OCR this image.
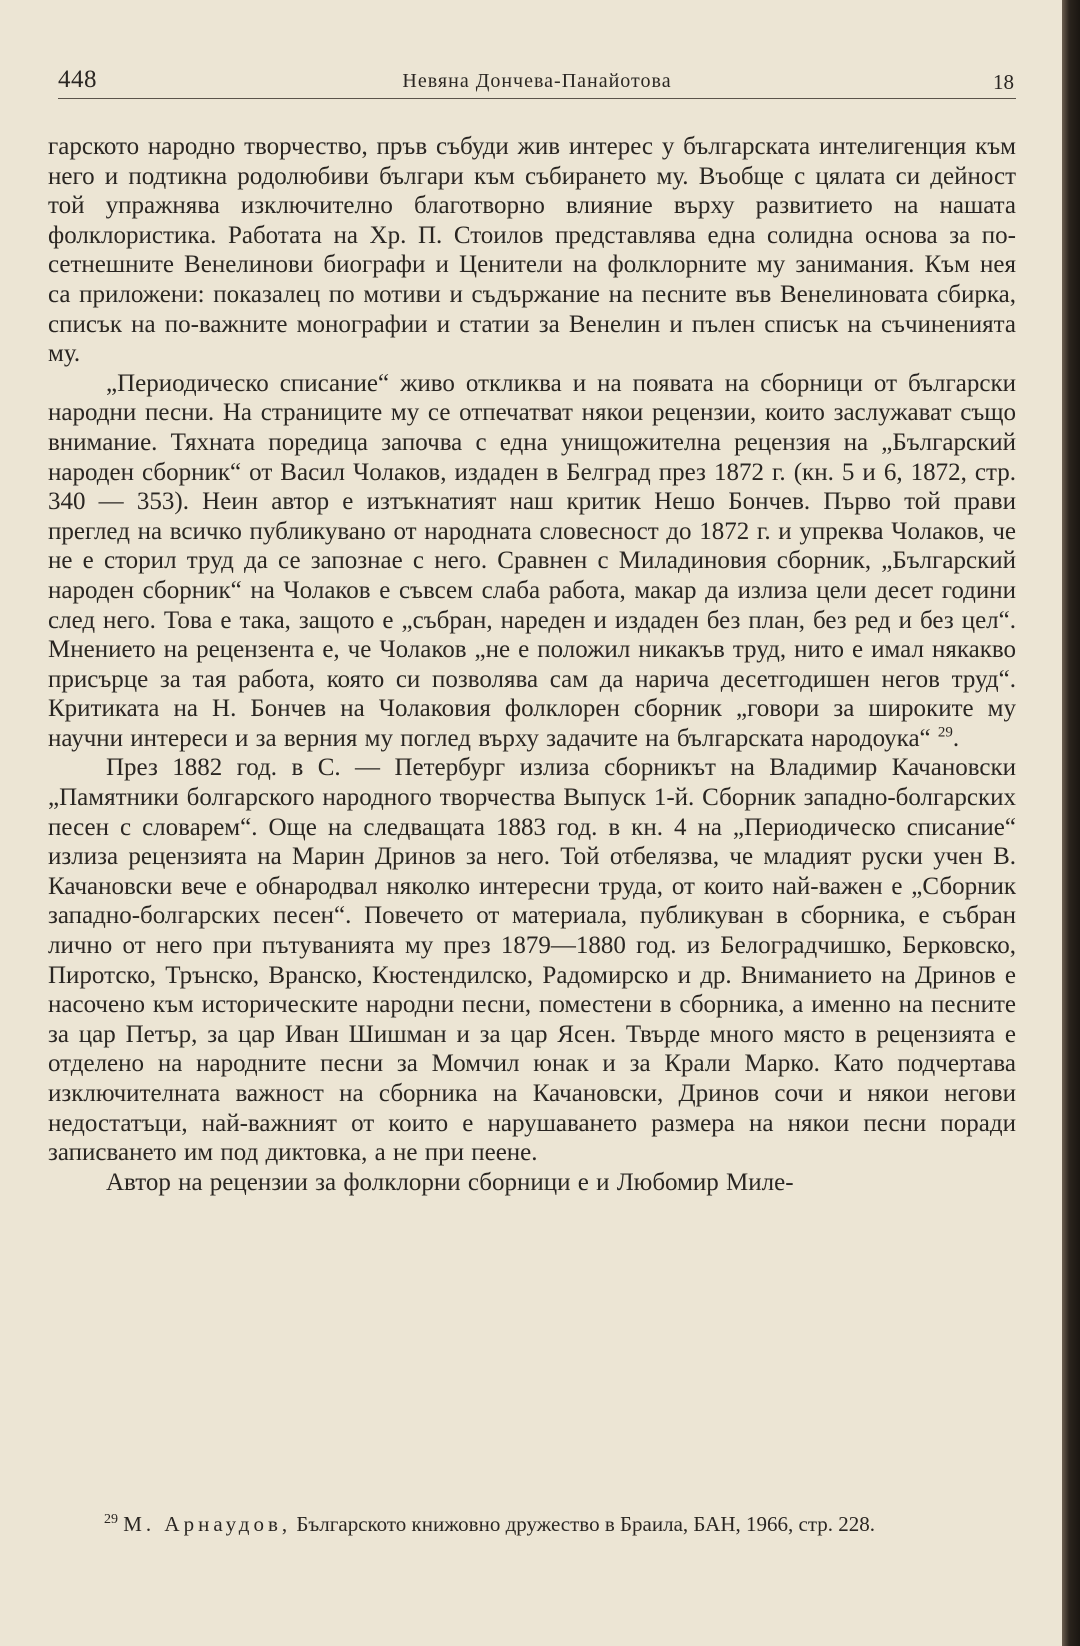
448	Невяна Дончева-Панайотова	18

гарското народно творчество, пръв събуди жив интерес у българската интелигенция към него и подтикна родолюбиви българи към събирането му. Въобще с цялата си дейност той упражнява изключително благотворно влияние върху развитието на нашата фолклористика. Работата на Хр. П. Стоилов представлява една солидна основа за по-сетнешните Венелинови биографи и Ценители на фолклорните му занимания. Към нея са приложени: показалец по мотиви и съдържание на песните във Венелиновата сбирка, списък на по-важните монографии и статии за Венелин и пълен списък на съчиненията му.

„Периодическо списание“ живо откликва и на появата на сборници от български народни песни. На страниците му се отпечатват някои рецензии, които заслужават също внимание. Тяхната поредица започва с една унищожителна рецензия на „Българский народен сборник“ от Васил Чолаков, издаден в Белград през 1872 г. (кн. 5 и 6, 1872, стр. 340 — 353). Неин автор е изтъкнатият наш критик Нешо Бончев. Първо той прави преглед на всичко публикувано от народната словесност до 1872 г. и упреква Чолаков, че не е сторил труд да се запознае с него. Сравнен с Миладиновия сборник, „Българский народен сборник“ на Чолаков е съвсем слаба работа, макар да излиза цели десет години след него. Това е така, защото е „събран, нареден и издаден без план, без ред и без цел“. Мнението на рецензента е, че Чолаков „не е положил никакъв труд, нито е имал някакво присърце за тая работа, която си позволява сам да нарича десетгодишен негов труд“. Критиката на Н. Бончев на Чолаковия фолклорен сборник „говори за широките му научни интереси и за верния му поглед върху задачите на българската народоука“ $^{29}$.

През 1882 год. в С. — Петербург излиза сборникът на Владимир Качановски „Памятники болгарского народного творчества Выпуск 1-й. Сборник западно-болгарских песен с словарем“. Още на следващата 1883 год. в кн. 4 на „Периодическо списание“ излиза рецензията на Марин Дринов за него. Той отбелязва, че младият руски учен В. Качановски вече е обнародвал няколко интересни труда, от които най-важен е „Сборник западно-болгарских песен“. Повечето от материала, публикуван в сборника, е събран лично от него при пътуванията му през 1879—1880 год. из Белоградчишко, Берковско, Пиротско, Трънско, Вранско, Кюстендилско, Радомирско и др. Вниманието на Дринов е насочено към историческите народни песни, поместени в сборника, а именно на песните за цар Петър, за цар Иван Шишман и за цар Ясен. Твърде много място в рецензията е отделено на народните песни за Момчил юнак и за Крали Марко. Като подчертава изключителната важност на сборника на Качановски, Дринов сочи и някои негови недостатъци, най-важният от които е нарушаването размера на някои песни поради записването им под диктовка, а не при пеене.

Автор на рецензии за фолклорни сборници е и Любомир Миле-

$^{29}$ М. Арнаудов, Българското книжовно дружество в Браила, БАН, 1966, стр. 228.
